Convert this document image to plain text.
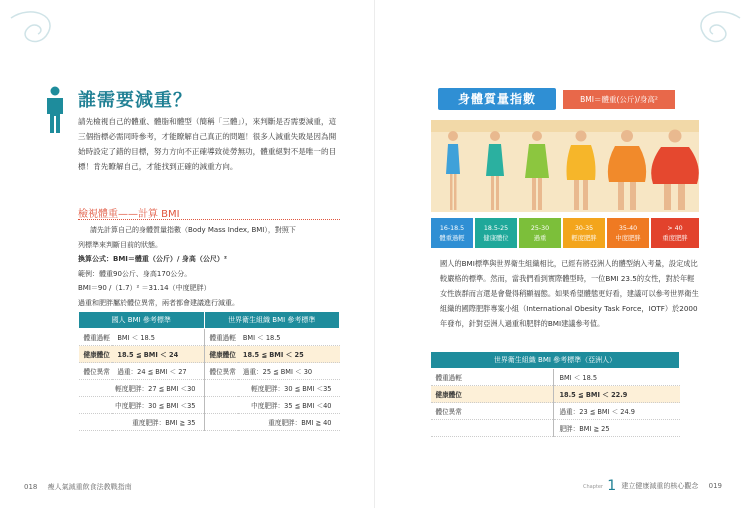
誰需要減重？
請先檢視自己的體重、體脂和體型（簡稱「三體」），來判斷是否需要減重，這三個指標必需同時參考，才能瞭解自己真正的問題！很多人減重失敗是因為開始時設定了錯的目標，努力方向不正確導致徒勞無功，體重絕對不是唯一的目標！肯先瞭解自己，才能找到正確的減重方向。
檢視體重——計算 BMI
請先計算自己的身體質量指數（Body Mass Index, BMI），對照下
列標準來判斷目前的狀態。
換算公式：BMI＝體重（公斤）/ 身高（公尺）²
範例：體重90公斤、身高170公分。
BMI＝90 /（1.7）² ＝31.14（中度肥胖）
過重和肥胖屬於體位異常，兩者都會建議進行減重。
國人 BMI 參考標準		世界衛生組織 BMI 參考標準	
體重過輕	BMI ＜ 18.5	體重過輕	BMI ＜ 18.5
健康體位	18.5 ≦ BMI ＜ 24	健康體位	18.5 ≦ BMI ＜ 25
體位異常	過重：24 ≦ BMI ＜ 27	體位異常	過重：25 ≦ BMI ＜ 30
	輕度肥胖：27 ≦ BMI ＜30		輕度肥胖：30 ≦ BMI ＜35
	中度肥胖：30 ≦ BMI ＜35		中度肥胖：35 ≦ BMI ＜40
	重度肥胖：BMI ≧ 35		重度肥胖：BMI ≧ 40
018 瘦人氣減重飲食法教戰指南
身體質量指數	BMI＝體重(公斤)/身高²
16-18.5
體重過輕
18.5-25
健康體位
25-30
過重
30-35
輕度肥胖
35-40
中度肥胖
> 40
重度肥胖
國人的BMI標準與世界衛生組織相比，已經有將亞洲人的體型納入考量，設定成比較嚴格的標準。然而，當我們看到實際體型時，一位BMI 23.5的女性，對於年輕女性族群而言還是會覺得稍顯福態。如果希望體態更好看，建議可以參考世界衛生組織的國際肥胖專案小組（International Obesity Task Force，IOTF）於2000年發布，針對亞洲人過重和肥胖的BMI建議參考值。
世界衛生組織 BMI 參考標準（亞洲人）	
體重過輕	BMI ＜ 18.5
健康體位	18.5 ≦ BMI ＜ 22.9
體位異常	過重：23 ≦ BMI ＜ 24.9
	肥胖：BMI ≧ 25
Chapter 1 建立健康減重的核心觀念 019
